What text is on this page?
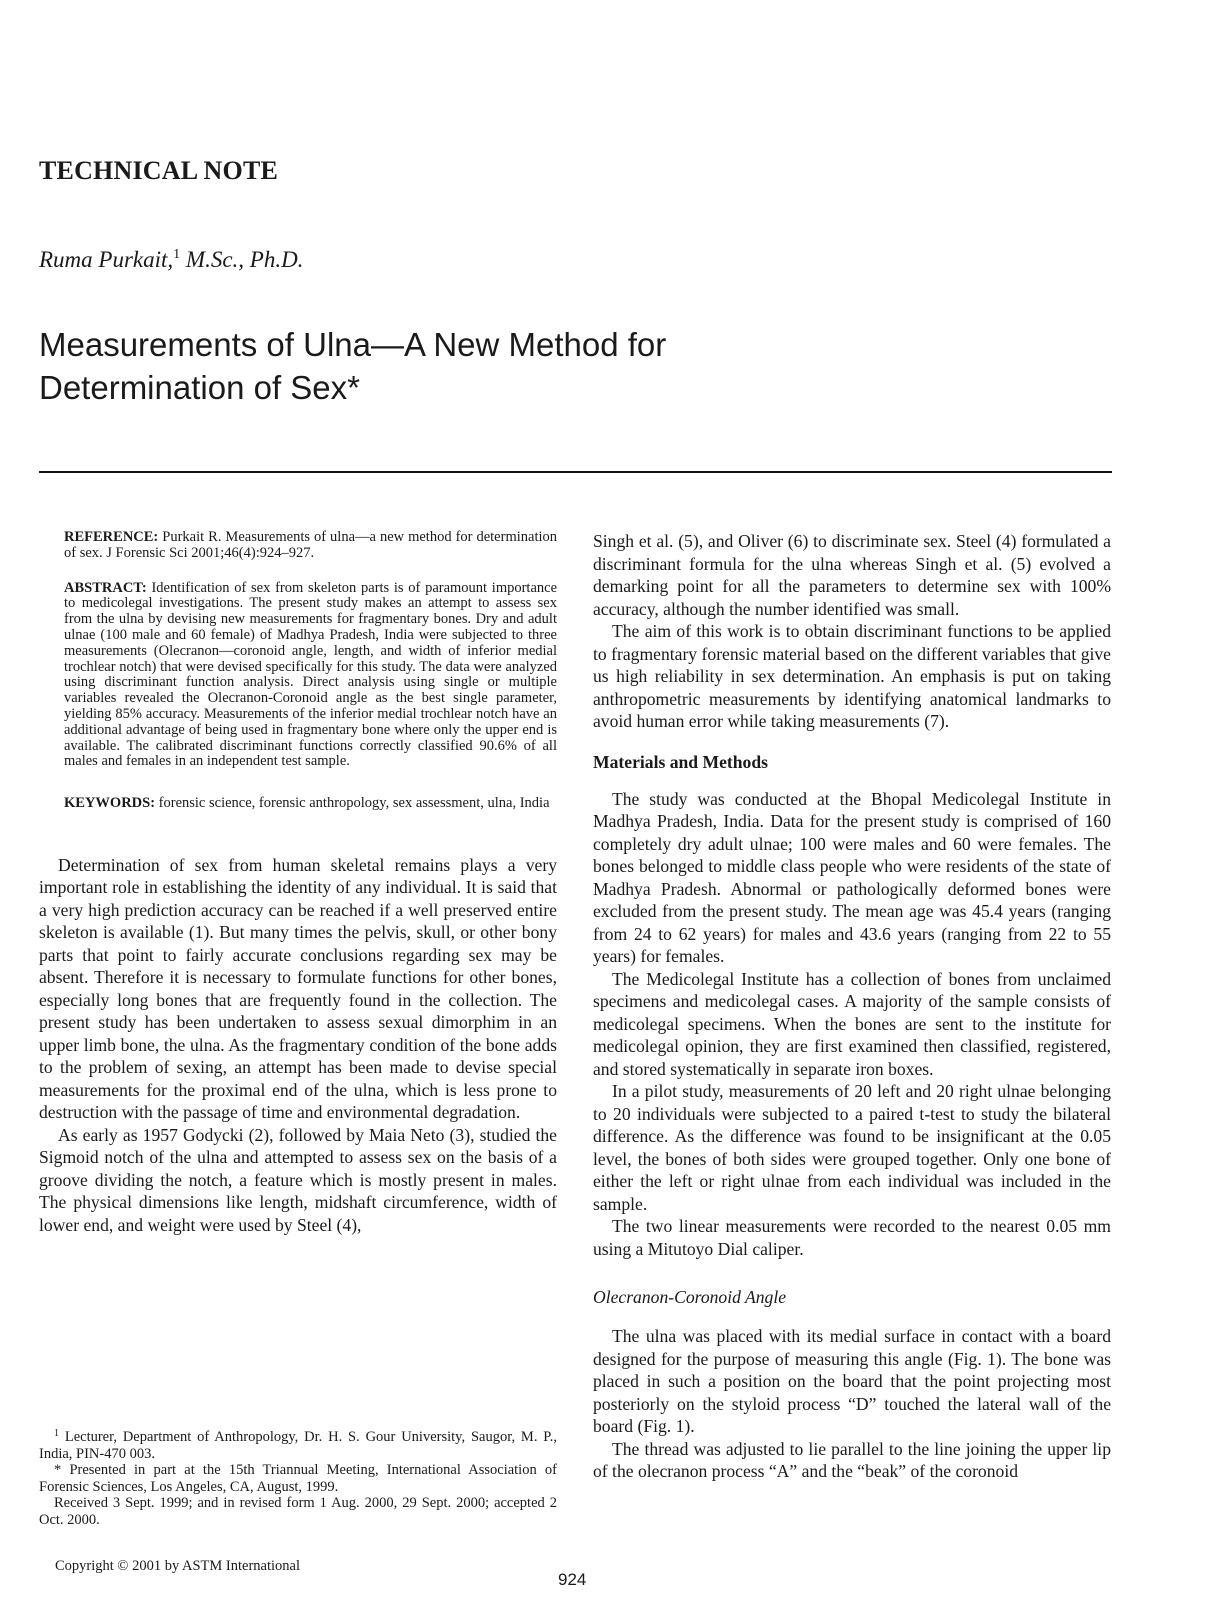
TECHNICAL NOTE
Ruma Purkait,$^1$ M.Sc., Ph.D.
Measurements of Ulna—A New Method for
Determination of Sex*

REFERENCE: Purkait R. Measurements of ulna—a new method for determination of sex. J Forensic Sci 2001;46(4):924–927.

ABSTRACT: Identification of sex from skeleton parts is of paramount importance to medicolegal investigations. The present study makes an attempt to assess sex from the ulna by devising new measurements for fragmentary bones. Dry and adult ulnae (100 male and 60 female) of Madhya Pradesh, India were subjected to three measurements (Olecranon—coronoid angle, length, and width of inferior medial trochlear notch) that were devised specifically for this study. The data were analyzed using discriminant function analysis. Direct analysis using single or multiple variables revealed the Olecranon-Coronoid angle as the best single parameter, yielding 85% accuracy. Measurements of the inferior medial trochlear notch have an additional advantage of being used in fragmentary bone where only the upper end is available. The calibrated discriminant functions correctly classified 90.6% of all males and females in an independent test sample.

KEYWORDS: forensic science, forensic anthropology, sex assessment, ulna, India

Determination of sex from human skeletal remains plays a very important role in establishing the identity of any individual. It is said that a very high prediction accuracy can be reached if a well preserved entire skeleton is available (1). But many times the pelvis, skull, or other bony parts that point to fairly accurate conclusions regarding sex may be absent. Therefore it is necessary to formulate functions for other bones, especially long bones that are frequently found in the collection. The present study has been undertaken to assess sexual dimorphim in an upper limb bone, the ulna. As the fragmentary condition of the bone adds to the problem of sexing, an attempt has been made to devise special measurements for the proximal end of the ulna, which is less prone to destruction with the passage of time and environmental degradation.

As early as 1957 Godycki (2), followed by Maia Neto (3), studied the Sigmoid notch of the ulna and attempted to assess sex on the basis of a groove dividing the notch, a feature which is mostly present in males. The physical dimensions like length, midshaft circumference, width of lower end, and weight were used by Steel (4),

Singh et al. (5), and Oliver (6) to discriminate sex. Steel (4) formulated a discriminant formula for the ulna whereas Singh et al. (5) evolved a demarking point for all the parameters to determine sex with 100% accuracy, although the number identified was small.

The aim of this work is to obtain discriminant functions to be applied to fragmentary forensic material based on the different variables that give us high reliability in sex determination. An emphasis is put on taking anthropometric measurements by identifying anatomical landmarks to avoid human error while taking measurements (7).

Materials and Methods

The study was conducted at the Bhopal Medicolegal Institute in Madhya Pradesh, India. Data for the present study is comprised of 160 completely dry adult ulnae; 100 were males and 60 were females. The bones belonged to middle class people who were residents of the state of Madhya Pradesh. Abnormal or pathologically deformed bones were excluded from the present study. The mean age was 45.4 years (ranging from 24 to 62 years) for males and 43.6 years (ranging from 22 to 55 years) for females.

The Medicolegal Institute has a collection of bones from unclaimed specimens and medicolegal cases. A majority of the sample consists of medicolegal specimens. When the bones are sent to the institute for medicolegal opinion, they are first examined then classified, registered, and stored systematically in separate iron boxes.

In a pilot study, measurements of 20 left and 20 right ulnae belonging to 20 individuals were subjected to a paired t-test to study the bilateral difference. As the difference was found to be insignificant at the 0.05 level, the bones of both sides were grouped together. Only one bone of either the left or right ulnae from each individual was included in the sample.

The two linear measurements were recorded to the nearest 0.05 mm using a Mitutoyo Dial caliper.

Olecranon-Coronoid Angle

The ulna was placed with its medial surface in contact with a board designed for the purpose of measuring this angle (Fig. 1). The bone was placed in such a position on the board that the point projecting most posteriorly on the styloid process “D” touched the lateral wall of the board (Fig. 1).

The thread was adjusted to lie parallel to the line joining the upper lip of the olecranon process “A” and the “beak” of the coronoid

$^1$ Lecturer, Department of Anthropology, Dr. H. S. Gour University, Saugor, M. P., India, PIN-470 003.

* Presented in part at the 15th Triannual Meeting, International Association of Forensic Sciences, Los Angeles, CA, August, 1999.

Received 3 Sept. 1999; and in revised form 1 Aug. 2000, 29 Sept. 2000; accepted 2 Oct. 2000.

Copyright © 2001 by ASTM International
924
